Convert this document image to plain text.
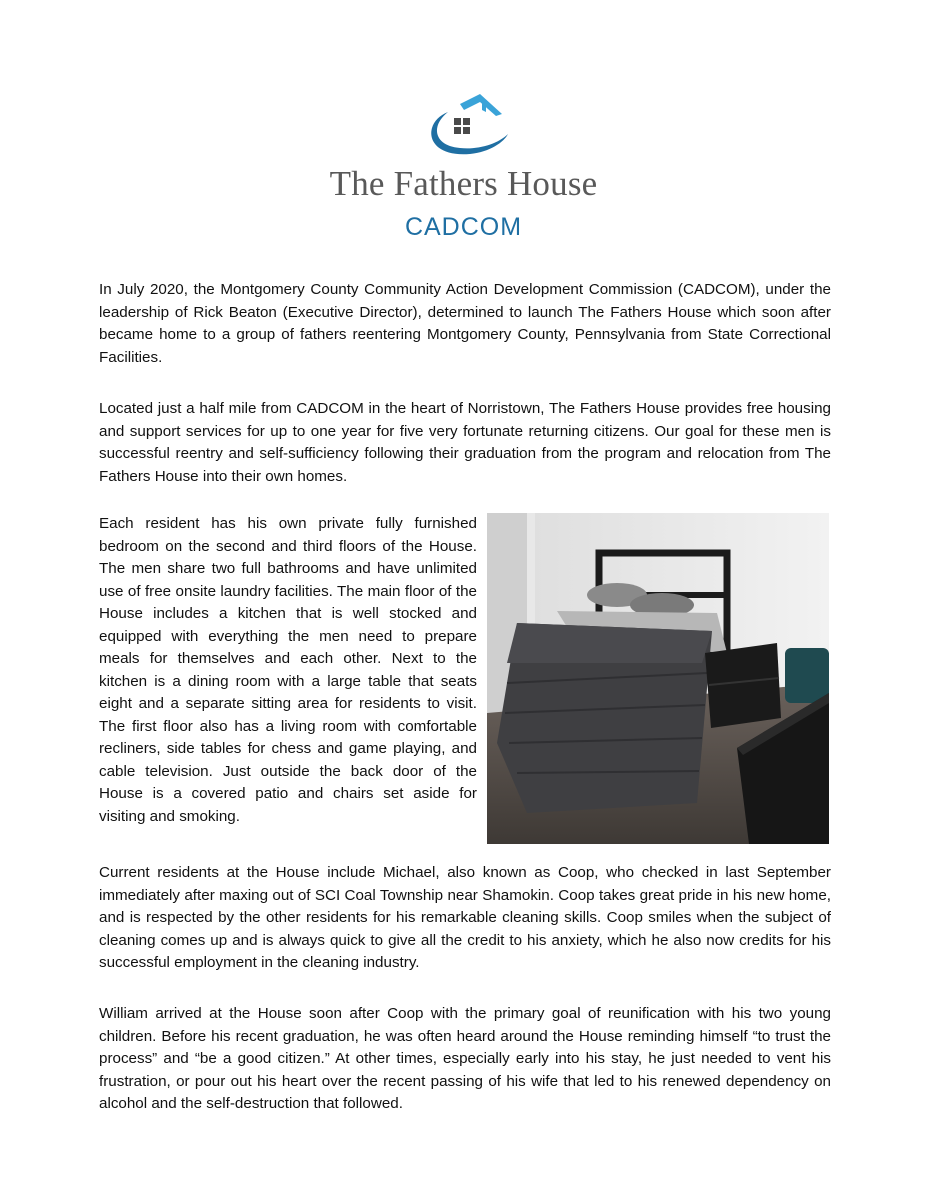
The Fathers House
CADCOM

In July 2020, the Montgomery County Community Action Development Commission (CADCOM), under the leadership of Rick Beaton (Executive Director), determined to launch The Fathers House which soon after became home to a group of fathers reentering Montgomery County, Pennsylvania from State Correctional Facilities.

Located just a half mile from CADCOM in the heart of Norristown, The Fathers House provides free housing and support services for up to one year for five very fortunate returning citizens. Our goal for these men is successful reentry and self-sufficiency following their graduation from the program and relocation from The Fathers House into their own homes.

Each resident has his own private fully furnished bedroom on the second and third floors of the House. The men share two full bathrooms and have unlimited use of free onsite laundry facilities. The main floor of the House includes a kitchen that is well stocked and equipped with everything the men need to prepare meals for themselves and each other. Next to the kitchen is a dining room with a large table that seats eight and a separate sitting area for residents to visit. The first floor also has a living room with comfortable recliners, side tables for chess and game playing, and cable television. Just outside the back door of the House is a covered patio and chairs set aside for visiting and smoking.

Current residents at the House include Michael, also known as Coop, who checked in last September immediately after maxing out of SCI Coal Township near Shamokin. Coop takes great pride in his new home, and is respected by the other residents for his remarkable cleaning skills. Coop smiles when the subject of cleaning comes up and is always quick to give all the credit to his anxiety, which he also now credits for his successful employment in the cleaning industry.

William arrived at the House soon after Coop with the primary goal of reunification with his two young children. Before his recent graduation, he was often heard around the House reminding himself “to trust the process” and “be a good citizen.” At other times, especially early into his stay, he just needed to vent his frustration, or pour out his heart over the recent passing of his wife that led to his renewed dependency on alcohol and the self-destruction that followed.
